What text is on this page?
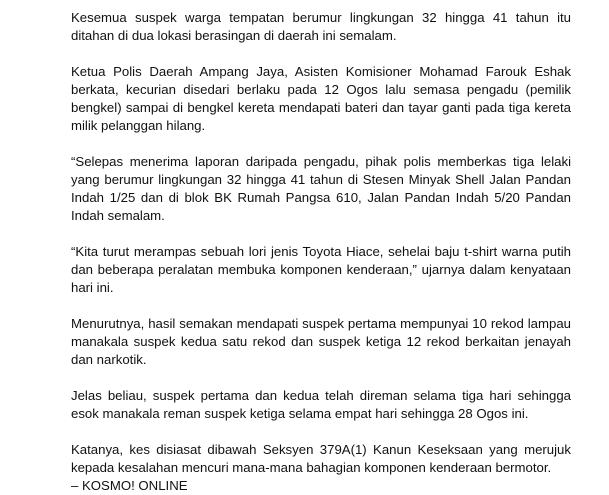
Kesemua suspek warga tempatan berumur lingkungan 32 hingga 41 tahun itu ditahan di dua lokasi berasingan di daerah ini semalam.

Ketua Polis Daerah Ampang Jaya, Asisten Komisioner Mohamad Farouk Eshak berkata, kecurian disedari berlaku pada 12 Ogos lalu semasa pengadu (pemilik bengkel) sampai di bengkel kereta mendapati bateri dan tayar ganti pada tiga kereta milik pelanggan hilang.

“Selepas menerima laporan daripada pengadu, pihak polis memberkas tiga lelaki yang berumur lingkungan 32 hingga 41 tahun di Stesen Minyak Shell Jalan Pandan Indah 1/25 dan di blok BK Rumah Pangsa 610, Jalan Pandan Indah 5/20 Pandan Indah semalam.

“Kita turut merampas sebuah lori jenis Toyota Hiace, sehelai baju t-shirt warna putih dan beberapa peralatan membuka komponen kenderaan,” ujarnya dalam kenyataan hari ini.

Menurutnya, hasil semakan mendapati suspek pertama mempunyai 10 rekod lampau manakala suspek kedua satu rekod dan suspek ketiga 12 rekod berkaitan jenayah dan narkotik.

Jelas beliau, suspek pertama dan kedua telah direman selama tiga hari sehingga esok manakala reman suspek ketiga selama empat hari sehingga 28 Ogos ini.

Katanya, kes disiasat dibawah Seksyen 379A(1) Kanun Keseksaan yang merujuk kepada kesalahan mencuri mana-mana bahagian komponen kenderaan bermotor.

– KOSMO! ONLINE
